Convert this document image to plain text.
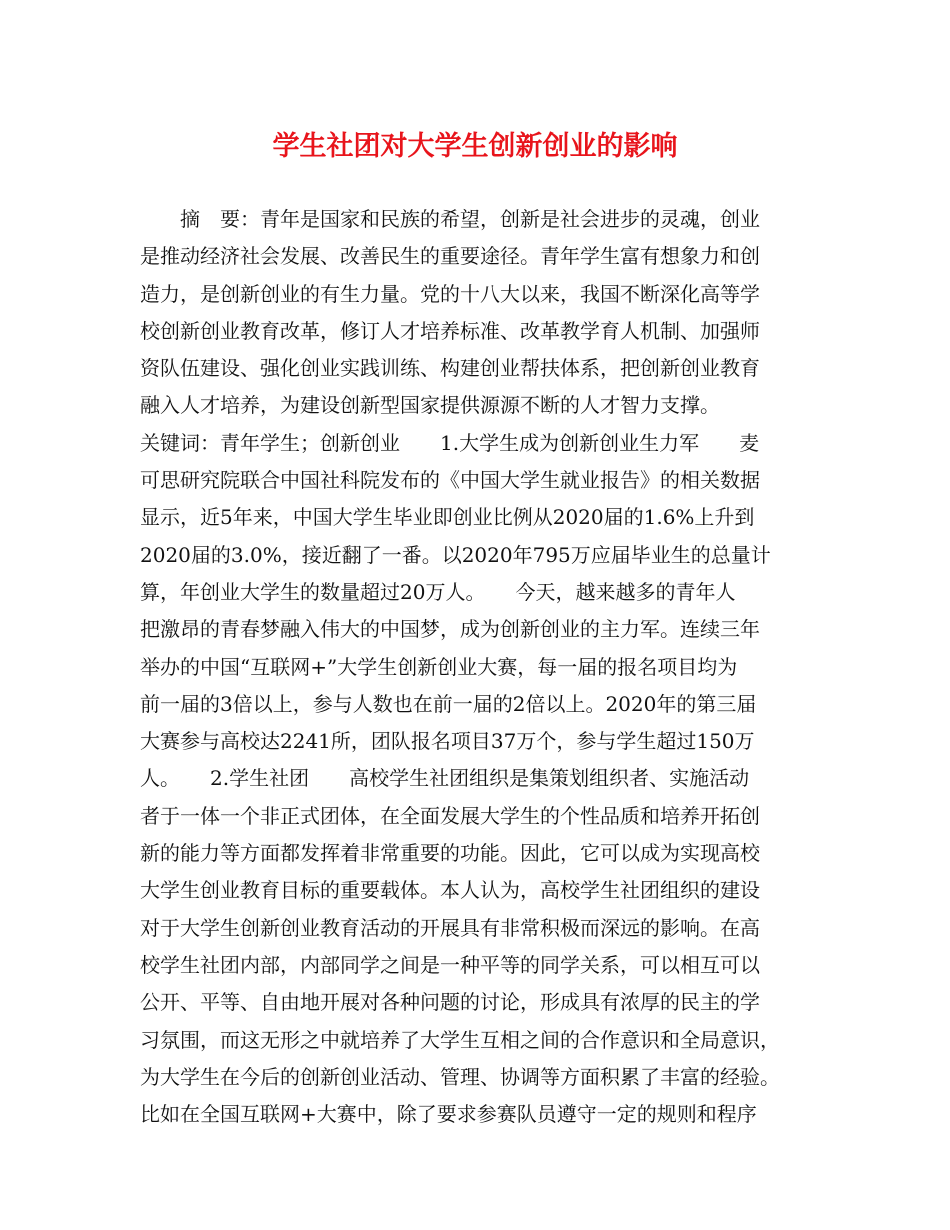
学生社团对大学生创新创业的影响
　　摘　要：青年是国家和民族的希望，创新是社会进步的灵魂，创业
是推动经济社会发展、改善民生的重要途径。青年学生富有想象力和创
造力，是创新创业的有生力量。党的十八大以来，我国不断深化高等学
校创新创业教育改革，修订人才培养标准、改革教学育人机制、加强师
资队伍建设、强化创业实践训练、构建创业帮扶体系，把创新创业教育
融入人才培养，为建设创新型国家提供源源不断的人才智力支撑。
关键词：青年学生；创新创业　　1.大学生成为创新创业生力军　　麦
可思研究院联合中国社科院发布的《中国大学生就业报告》的相关数据
显示，近5年来，中国大学生毕业即创业比例从2020届的1.6%上升到
2020届的3.0%，接近翻了一番。以2020年795万应届毕业生的总量计
算，年创业大学生的数量超过20万人。　　今天，越来越多的青年人
把激昂的青春梦融入伟大的中国梦，成为创新创业的主力军。连续三年
举办的中国“互联网+”大学生创新创业大赛，每一届的报名项目均为
前一届的3倍以上，参与人数也在前一届的2倍以上。2020年的第三届
大赛参与高校达2241所，团队报名项目37万个，参与学生超过150万
人。　　2.学生社团　　高校学生社团组织是集策划组织者、实施活动
者于一体一个非正式团体，在全面发展大学生的个性品质和培养开拓创
新的能力等方面都发挥着非常重要的功能。因此，它可以成为实现高校
大学生创业教育目标的重要载体。本人认为，高校学生社团组织的建设
对于大学生创新创业教育活动的开展具有非常积极而深远的影响。在高
校学生社团内部，内部同学之间是一种平等的同学关系，可以相互可以
公开、平等、自由地开展对各种问题的讨论，形成具有浓厚的民主的学
习氛围，而这无形之中就培养了大学生互相之间的合作意识和全局意识，
为大学生在今后的创新创业活动、管理、协调等方面积累了丰富的经验。
比如在全国互联网+大赛中，除了要求参赛队员遵守一定的规则和程序
